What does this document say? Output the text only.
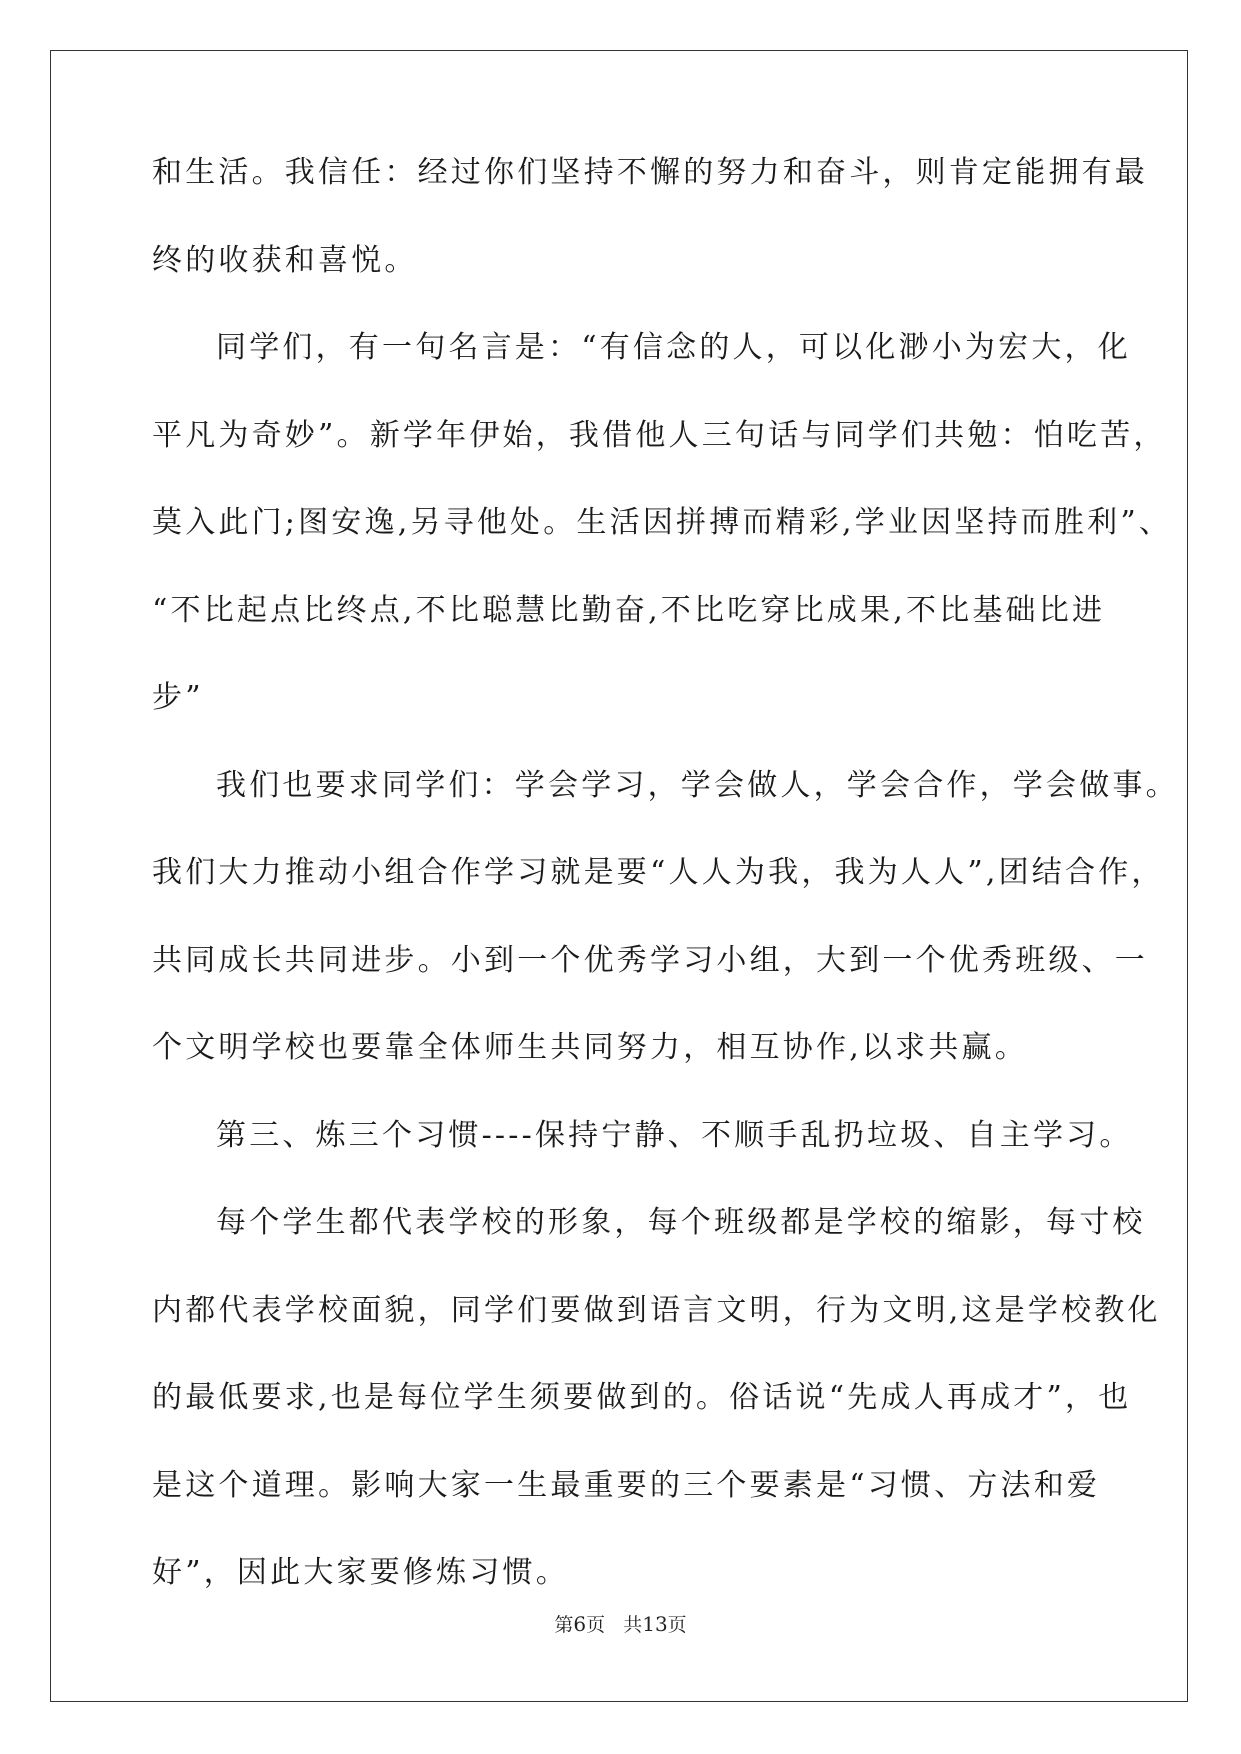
和生活。我信任：经过你们坚持不懈的努力和奋斗，则肯定能拥有最
终的收获和喜悦。
同学们，有一句名言是：“有信念的人，可以化渺小为宏大，化
平凡为奇妙”。新学年伊始，我借他人三句话与同学们共勉：怕吃苦，
莫入此门;图安逸,另寻他处。生活因拼搏而精彩,学业因坚持而胜利”、
“不比起点比终点,不比聪慧比勤奋,不比吃穿比成果,不比基础比进
步”
我们也要求同学们：学会学习，学会做人，学会合作，学会做事。
我们大力推动小组合作学习就是要“人人为我，我为人人”,团结合作，
共同成长共同进步。小到一个优秀学习小组，大到一个优秀班级、一
个文明学校也要靠全体师生共同努力，相互协作,以求共赢。
第三、炼三个习惯----保持宁静、不顺手乱扔垃圾、自主学习。
每个学生都代表学校的形象，每个班级都是学校的缩影，每寸校
内都代表学校面貌，同学们要做到语言文明，行为文明,这是学校教化
的最低要求,也是每位学生须要做到的。俗话说“先成人再成才”，也
是这个道理。影响大家一生最重要的三个要素是“习惯、方法和爱
好”，因此大家要修炼习惯。
第6页 共13页
